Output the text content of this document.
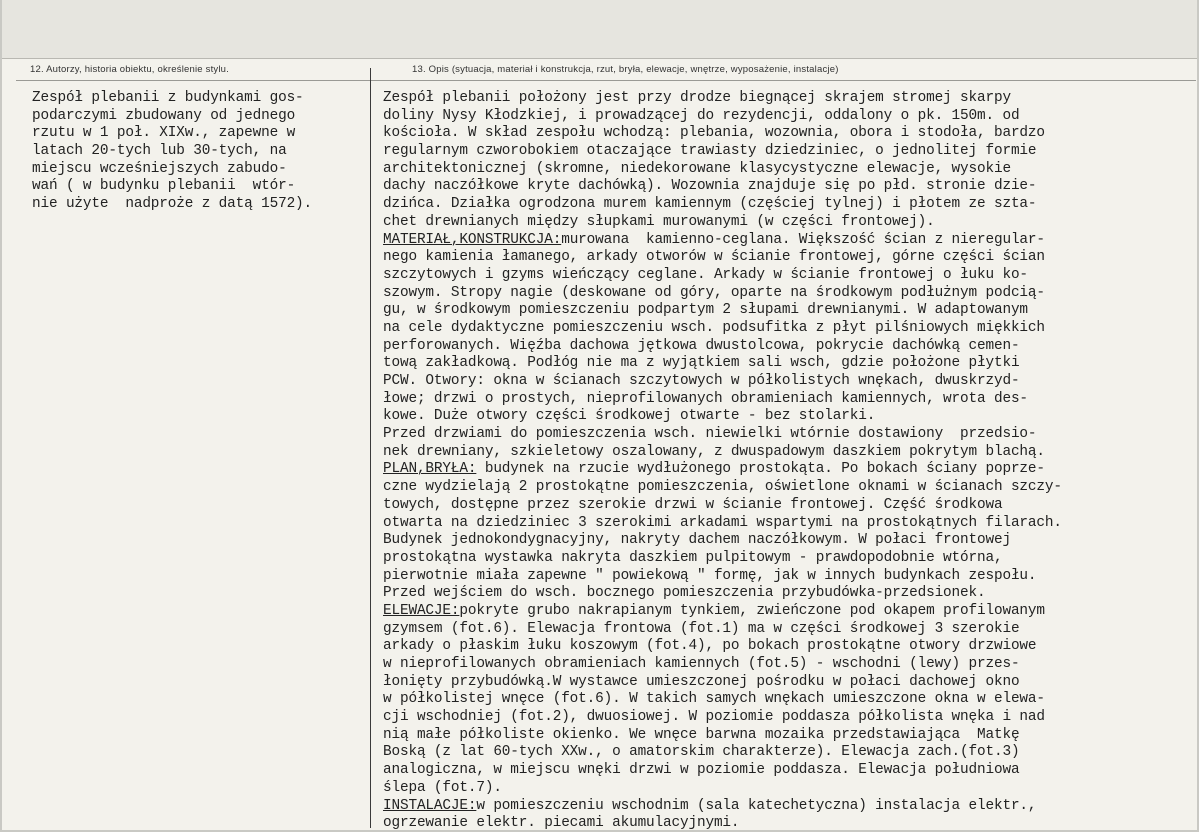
12. Autorzy, historia obiektu, określenie stylu.	13. Opis (sytuacja, materiał i konstrukcja, rzut, bryła, elewacje, wnętrze, wyposażenie, instalacje)
Zespół plebanii z budynkami gos-
podarczymi zbudowany od jednego
rzutu w 1 poł. XIXw., zapewne w
latach 20-tych lub 30-tych, na
miejscu wcześniejszych zabudo-
wań ( w budynku plebanii  wtór-
nie użyte  nadproże z datą 1572).
Zespół plebanii położony jest przy drodze biegnącej skrajem stromej skarpy
doliny Nysy Kłodzkiej, i prowadzącej do rezydencji, oddalony o pk. 150m. od
kościoła. W skład zespołu wchodzą: plebania, wozownia, obora i stodoła, bardzo
regularnym czworobokiem otaczające trawiasty dziedziniec, o jednolitej formie
architektonicznej (skromne, niedekorowane klasycystyczne elewacje, wysokie
dachy naczółkowe kryte dachówką). Wozownia znajduje się po płd. stronie dzie-
dzińca. Działka ogrodzona murem kamiennym (częściej tylnej) i płotem ze szta-
chet drewnianych między słupkami murowanymi (w części frontowej).
MATERIAŁ,KONSTRUKCJA:murowana  kamienno-ceglana. Większość ścian z nieregular-
nego kamienia łamanego, arkady otworów w ścianie frontowej, górne części ścian
szczytowych i gzyms wieńczący ceglane. Arkady w ścianie frontowej o łuku ko-
szowym. Stropy nagie (deskowane od góry, oparte na środkowym podłużnym podcią-
gu, w środkowym pomieszczeniu podpartym 2 słupami drewnianymi. W adaptowanym
na cele dydaktyczne pomieszczeniu wsch. podsufitka z płyt pilśniowych miękkich
perforowanych. Więźba dachowa jętkowa dwustolcowa, pokrycie dachówką cemen-
tową zakładkową. Podłóg nie ma z wyjątkiem sali wsch, gdzie położone płytki
PCW. Otwory: okna w ścianach szczytowych w półkolistych wnękach, dwuskrzyd-
łowe; drzwi o prostych, nieprofilowanych obramieniach kamiennych, wrota des-
kowe. Duże otwory części środkowej otwarte - bez stolarki.
Przed drzwiami do pomieszczenia wsch. niewielki wtórnie dostawiony  przedsio-
nek drewniany, szkieletowy oszalowany, z dwuspadowym daszkiem pokrytym blachą.
PLAN,BRYŁA: budynek na rzucie wydłużonego prostokąta. Po bokach ściany poprze-
czne wydzielają 2 prostokątne pomieszczenia, oświetlone oknami w ścianach szczy-
towych, dostępne przez szerokie drzwi w ścianie frontowej. Część środkowa
otwarta na dziedziniec 3 szerokimi arkadami wspartymi na prostokątnych filarach.
Budynek jednokondygnacyjny, nakryty dachem naczółkowym. W połaci frontowej
prostokątna wystawka nakryta daszkiem pulpitowym - prawdopodobnie wtórna,
pierwotnie miała zapewne " powiekową " formę, jak w innych budynkach zespołu.
Przed wejściem do wsch. bocznego pomieszczenia przybudówka-przedsionek.
ELEWACJE:pokryte grubo nakrapianym tynkiem, zwieńczone pod okapem profilowanym
gzymsem (fot.6). Elewacja frontowa (fot.1) ma w części środkowej 3 szerokie
arkady o płaskim łuku koszowym (fot.4), po bokach prostokątne otwory drzwiowe
w nieprofilowanych obramieniach kamiennych (fot.5) - wschodni (lewy) przes-
łonięty przybudówką.W wystawce umieszczonej pośrodku w połaci dachowej okno
w półkolistej wnęce (fot.6). W takich samych wnękach umieszczone okna w elewa-
cji wschodniej (fot.2), dwuosiowej. W poziomie poddasza półkolista wnęka i nad
nią małe półkoliste okienko. We wnęce barwna mozaika przedstawiająca  Matkę
Boską (z lat 60-tych XXw., o amatorskim charakterze). Elewacja zach.(fot.3)
analogiczna, w miejscu wnęki drzwi w poziomie poddasza. Elewacja południowa
ślepa (fot.7).
INSTALACJE:w pomieszczeniu wschodnim (sala katechetyczna) instalacja elektr.,
ogrzewanie elektr. piecami akumulacyjnymi.
